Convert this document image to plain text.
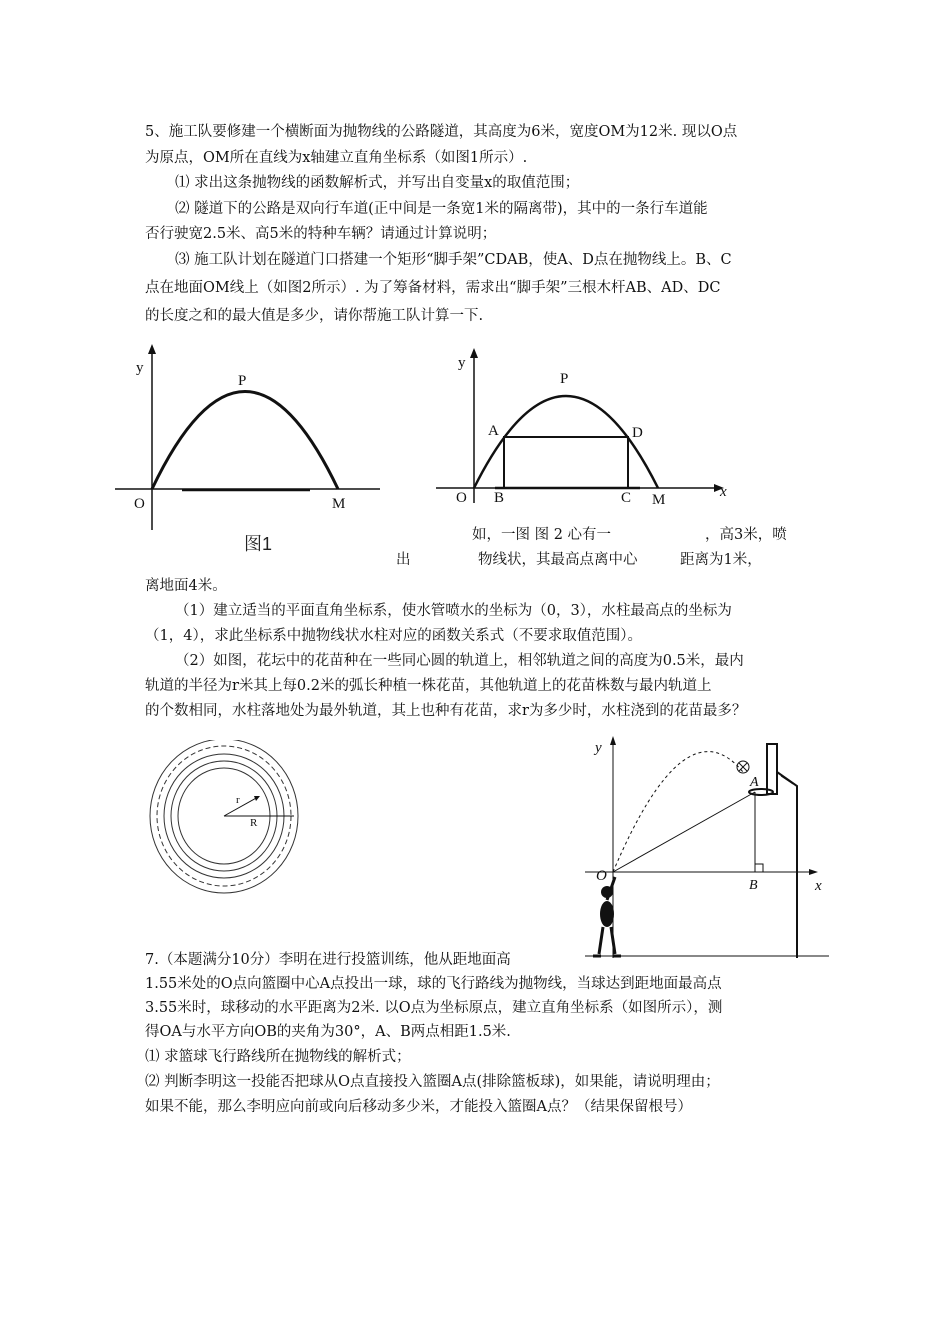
5、施工队要修建一个横断面为抛物线的公路隧道，其高度为6米，宽度OM为12米. 现以O点
为原点，OM所在直线为x轴建立直角坐标系（如图1所示）.
⑴ 求出这条抛物线的函数解析式，并写出自变量x的取值范围；
⑵ 隧道下的公路是双向行车道(正中间是一条宽1米的隔离带)，其中的一条行车道能
否行驶宽2.5米、高5米的特种车辆？请通过计算说明；
⑶ 施工队计划在隧道门口搭建一个矩形“脚手架”CDAB，使A、D点在抛物线上。B、C
点在地面OM线上（如图2所示）. 为了筹备材料，需求出“脚手架”三根木杆AB、AD、DC
的长度之和的最大值是多少，请你帮施工队计算一下.
y
P
O	M
图1
y
P
A	D
O B	C M	x
如，一图 图 2 心有一	，高3米，喷
出	物线状，其最高点离中心	距离为1米，
离地面4米。
（1）建立适当的平面直角坐标系，使水管喷水的坐标为（0，3），水柱最高点的坐标为
（1，4），求此坐标系中抛物线状水柱对应的函数关系式（不要求取值范围）。
（2）如图，花坛中的花苗种在一些同心圆的轨道上，相邻轨道之间的高度为0.5米，最内
轨道的半径为r米其上每0.2米的弧长种植一株花苗，其他轨道上的花苗株数与最内轨道上
的个数相同，水柱落地处为最外轨道，其上也种有花苗，求r为多少时，水柱浇到的花苗最多？
r
R
y
A
O
B	x
7.（本题满分10分）李明在进行投篮训练，他从距地面高
1.55米处的O点向篮圈中心A点投出一球，球的飞行路线为抛物线，当球达到距地面最高点
3.55米时，球移动的水平距离为2米. 以O点为坐标原点，建立直角坐标系（如图所示），测
得OA与水平方向OB的夹角为30°，A、B两点相距1.5米.
⑴ 求篮球飞行路线所在抛物线的解析式；
⑵ 判断李明这一投能否把球从O点直接投入篮圈A点(排除篮板球)，如果能，请说明理由；
如果不能，那么李明应向前或向后移动多少米，才能投入篮圈A点？（结果保留根号）
